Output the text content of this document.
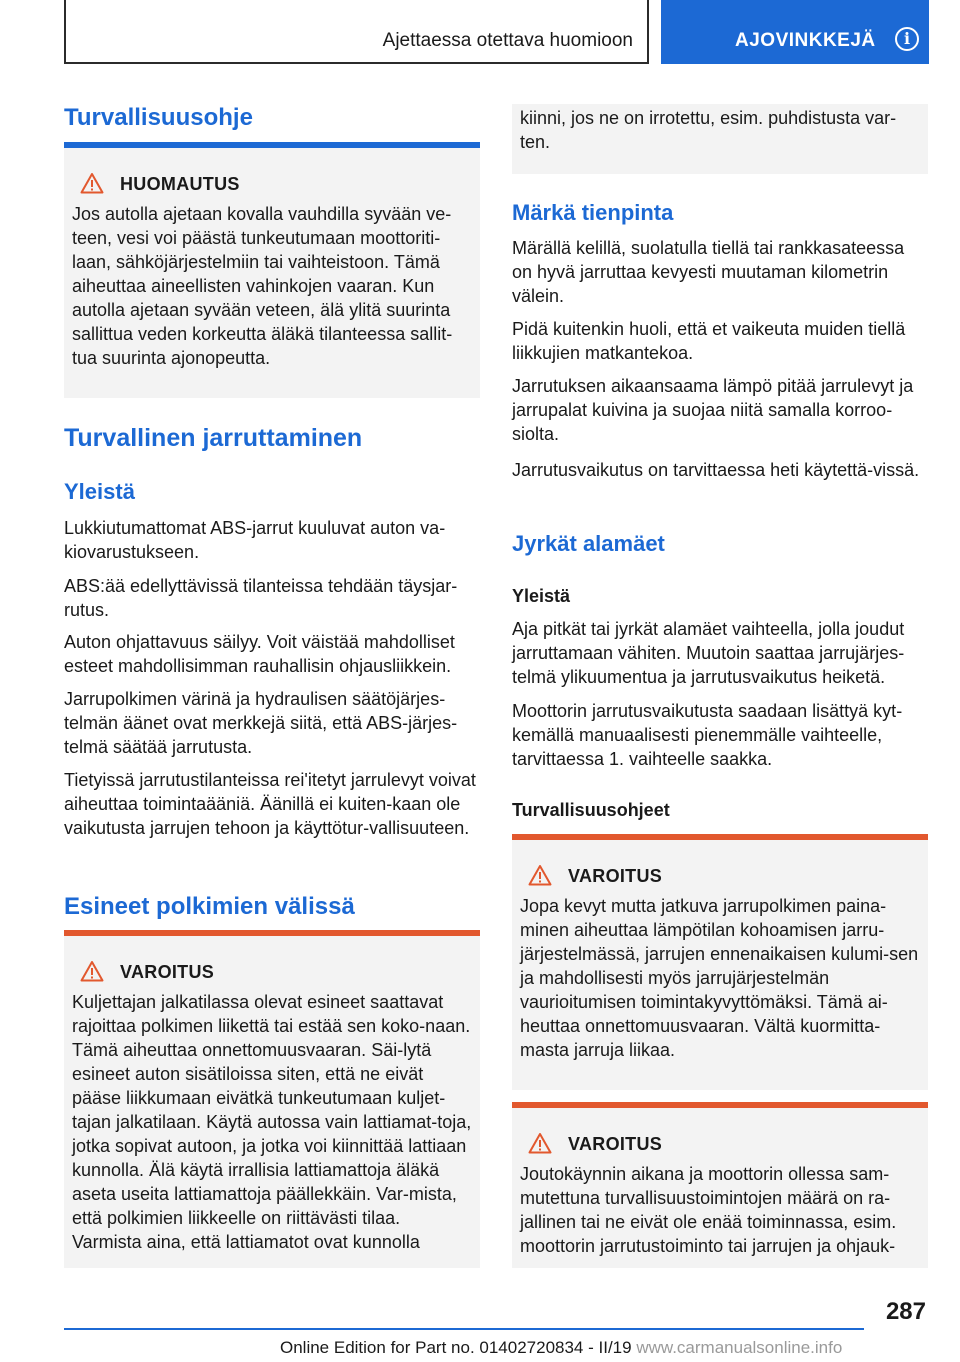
Ajettaessa otettava huomioon	AJOVINKKEJÄ	i
Turvallisuusohje
HUOMAUTUS
Jos autolla ajetaan kovalla vauhdilla syvään ve-teen, vesi voi päästä tunkeutumaan moottoriti-laan, sähköjärjestelmiin tai vaihteistoon. Tämä aiheuttaa aineellisten vahinkojen vaaran. Kun autolla ajetaan syvään veteen, älä ylitä suurinta sallittua veden korkeutta äläkä tilanteessa sallit-tua suurinta ajonopeutta.
Turvallinen jarruttaminen
Yleistä
Lukkiutumattomat ABS-jarrut kuuluvat auton va-kiovarustukseen.
ABS:ää edellyttävissä tilanteissa tehdään täysjar-rutus.
Auton ohjattavuus säilyy. Voit väistää mahdolliset esteet mahdollisimman rauhallisin ohjausliikkein.
Jarrupolkimen värinä ja hydraulisen säätöjärjes-telmän äänet ovat merkkejä siitä, että ABS-järjes-telmä säätää jarrutusta.
Tietyissä jarrutustilanteissa rei'itetyt jarrulevyt voivat aiheuttaa toimintaääniä. Äänillä ei kuiten-kaan ole vaikutusta jarrujen tehoon ja käyttötur-vallisuuteen.
Esineet polkimien välissä
VAROITUS
Kuljettajan jalkatilassa olevat esineet saattavat rajoittaa polkimen liikettä tai estää sen koko-naan. Tämä aiheuttaa onnettomuusvaaran. Säi-lytä esineet auton sisätiloissa siten, että ne eivät pääse liikkumaan eivätkä tunkeutumaan kuljet-tajan jalkatilaan. Käytä autossa vain lattiamat-toja, jotka sopivat autoon, ja jotka voi kiinnittää lattiaan kunnolla. Älä käytä irrallisia lattiamattoja äläkä aseta useita lattiamattoja päällekkäin. Var-mista, että polkimien liikkeelle on riittävästi tilaa. Varmista aina, että lattiamatot ovat kunnolla
kiinni, jos ne on irrotettu, esim. puhdistusta var-ten.
Märkä tienpinta
Märällä kelillä, suolatulla tiellä tai rankkasateessa on hyvä jarruttaa kevyesti muutaman kilometrin välein.
Pidä kuitenkin huoli, että et vaikeuta muiden tiellä liikkujien matkantekoa.
Jarrutuksen aikaansaama lämpö pitää jarrulevyt ja jarrupalat kuivina ja suojaa niitä samalla korroo-siolta.
Jarrutusvaikutus on tarvittaessa heti käytettä-vissä.
Jyrkät alamäet
Yleistä
Aja pitkät tai jyrkät alamäet vaihteella, jolla joudut jarruttamaan vähiten. Muutoin saattaa jarrujärjes-telmä ylikuumentua ja jarrutusvaikutus heiketä.
Moottorin jarrutusvaikutusta saadaan lisättyä kyt-kemällä manuaalisesti pienemmälle vaihteelle, tarvittaessa 1. vaihteelle saakka.
Turvallisuusohjeet
VAROITUS
Jopa kevyt mutta jatkuva jarrupolkimen paina-minen aiheuttaa lämpötilan kohoamisen jarru-järjestelmässä, jarrujen ennenaikaisen kulumi-sen ja mahdollisesti myös jarrujärjestelmän vaurioitumisen toimintakyvyttömäksi. Tämä ai-heuttaa onnettomuusvaaran. Vältä kuormitta-masta jarruja liikaa.
VAROITUS
Joutokäynnin aikana ja moottorin ollessa sam-mutettuna turvallisuustoimintojen määrä on ra-jallinen tai ne eivät ole enää toiminnassa, esim. moottorin jarrutustoiminto tai jarrujen ja ohjauk-
287
Online Edition for Part no. 01402720834 - II/19 www.carmanualsonline.info
